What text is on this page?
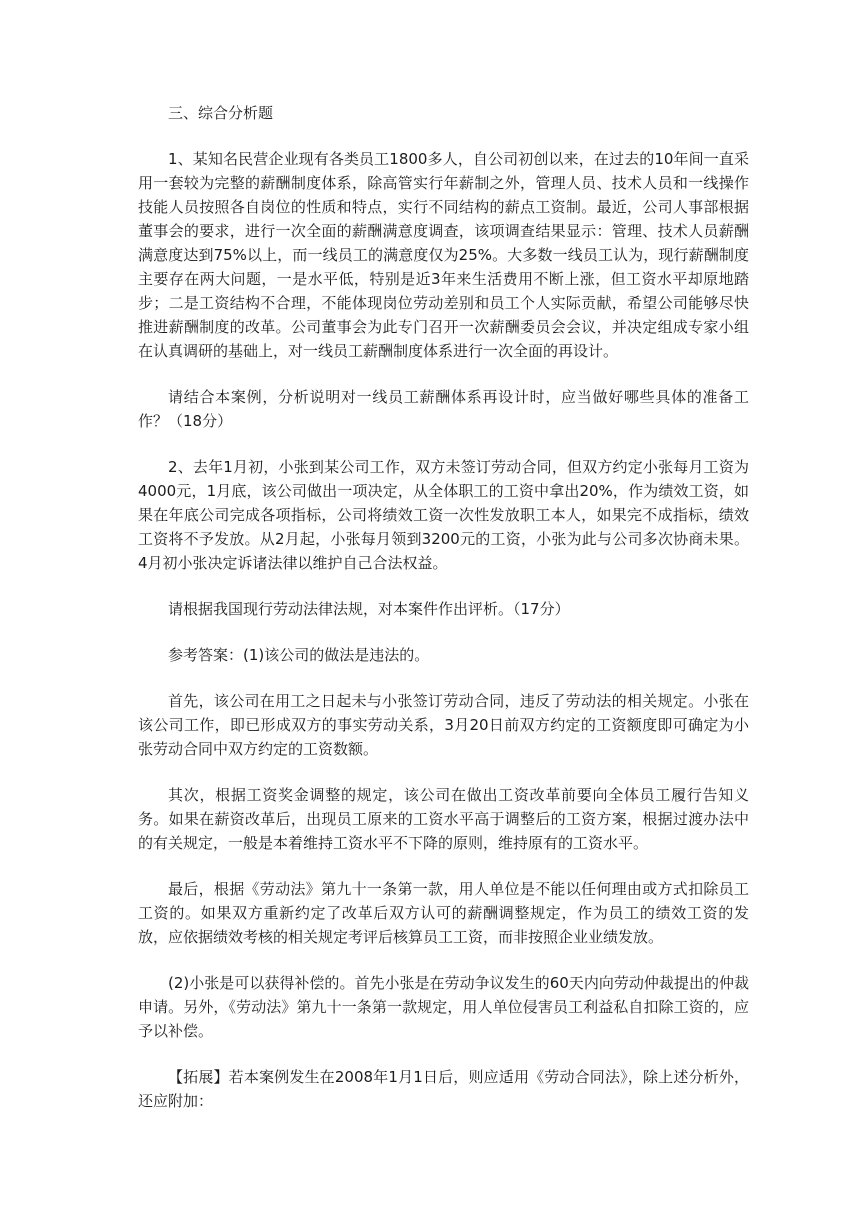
三、综合分析题

1、某知名民营企业现有各类员工1800多人，自公司初创以来，在过去的10年间一直采用一套较为完整的薪酬制度体系，除高管实行年薪制之外，管理人员、技术人员和一线操作技能人员按照各自岗位的性质和特点，实行不同结构的薪点工资制。最近，公司人事部根据董事会的要求，进行一次全面的薪酬满意度调查，该项调查结果显示：管理、技术人员薪酬满意度达到75%以上，而一线员工的满意度仅为25%。大多数一线员工认为，现行薪酬制度主要存在两大问题，一是水平低，特别是近3年来生活费用不断上涨，但工资水平却原地踏步；二是工资结构不合理，不能体现岗位劳动差别和员工个人实际贡献，希望公司能够尽快推进薪酬制度的改革。公司董事会为此专门召开一次薪酬委员会会议，并决定组成专家小组在认真调研的基础上，对一线员工薪酬制度体系进行一次全面的再设计。

请结合本案例，分析说明对一线员工薪酬体系再设计时，应当做好哪些具体的准备工作？（18分）

2、去年1月初，小张到某公司工作，双方未签订劳动合同，但双方约定小张每月工资为4000元，1月底，该公司做出一项决定，从全体职工的工资中拿出20%，作为绩效工资，如果在年底公司完成各项指标，公司将绩效工资一次性发放职工本人，如果完不成指标，绩效工资将不予发放。从2月起，小张每月领到3200元的工资，小张为此与公司多次协商未果。4月初小张决定诉诸法律以维护自己合法权益。

请根据我国现行劳动法律法规，对本案件作出评析。（17分）

参考答案：(1)该公司的做法是违法的。

首先，该公司在用工之日起未与小张签订劳动合同，违反了劳动法的相关规定。小张在该公司工作，即已形成双方的事实劳动关系，3月20日前双方约定的工资额度即可确定为小张劳动合同中双方约定的工资数额。

其次，根据工资奖金调整的规定，该公司在做出工资改革前要向全体员工履行告知义务。如果在薪资改革后，出现员工原来的工资水平高于调整后的工资方案，根据过渡办法中的有关规定，一般是本着维持工资水平不下降的原则，维持原有的工资水平。

最后，根据《劳动法》第九十一条第一款，用人单位是不能以任何理由或方式扣除员工工资的。如果双方重新约定了改革后双方认可的薪酬调整规定，作为员工的绩效工资的发放，应依据绩效考核的相关规定考评后核算员工工资，而非按照企业业绩发放。

(2)小张是可以获得补偿的。首先小张是在劳动争议发生的60天内向劳动仲裁提出的仲裁申请。另外，《劳动法》第九十一条第一款规定，用人单位侵害员工利益私自扣除工资的，应予以补偿。

【拓展】若本案例发生在2008年1月1日后，则应适用《劳动合同法》，除上述分析外，还应附加：
